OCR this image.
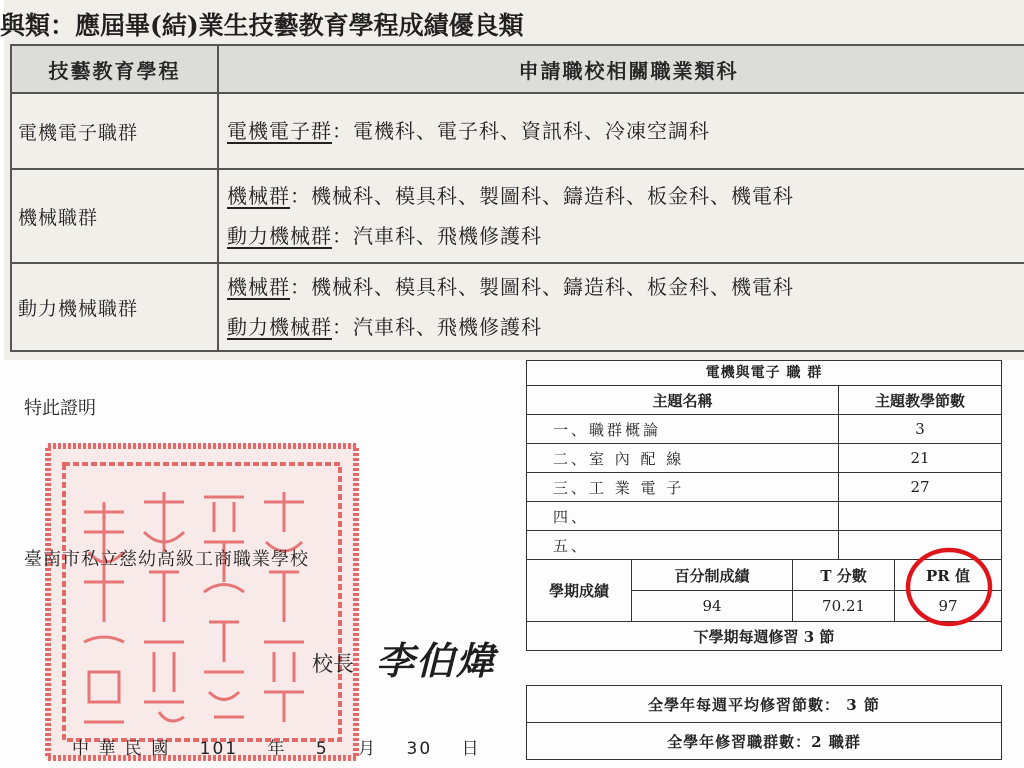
與類：應屆畢(結)業生技藝教育學程成績優良類
技藝教育學程	申請職校相關職業類科
電機電子職群	電機電子群：電機科、電子科、資訊科、冷凍空調科

機械職群	機械群：機械科、模具科、製圖科、鑄造科、板金科、機電科
動力機械群：汽車科、飛機修護科

動力機械職群	機械群：機械科、模具科、製圖科、鑄造科、板金科、機電科
動力機械群：汽車科、飛機修護科
特此證明
臺南市私立慈幼高級工商職業學校
校長 李伯煒
中 華 民 國 101 年 5 月 30 日
電機與電子 職 群
主題名稱	主題教學節數
一、職群概論	3
二、室 內 配 線	21
三、工 業 電 子	27
四、	
五、	
學期成績	百分制成績	T 分數	PR 值
	94	70.21	97
下學期每週修習 3 節			
全學年每週平均修習節數： 3 節
全學年修習職群數：2 職群
